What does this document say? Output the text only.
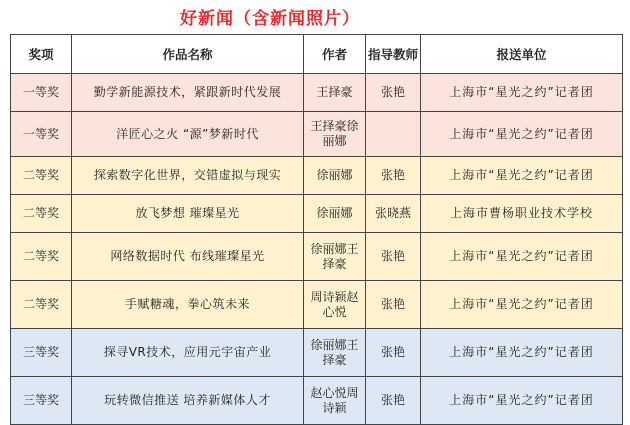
好新闻（含新闻照片）
奖项	作品名称	作者	指导教师	报送单位
一等奖	勤学新能源技术，紧跟新时代发展	王择豪	张艳	上海市“星光之约”记者团
一等奖	洋匠心之火 “源”梦新时代	王择豪徐丽娜		上海市“星光之约”记者团
二等奖	探索数字化世界，交错虚拟与现实	徐丽娜	张艳	上海市“星光之约”记者团
二等奖	放飞梦想 璀璨星光	徐丽娜	张晓燕	上海市曹杨职业技术学校
二等奖	网络数据时代 布线璀璨星光	徐丽娜王择豪	张艳	上海市“星光之约”记者团
二等奖	手赋糖魂，拳心筑未来	周诗颖赵心悦	张艳	上海市“星光之约”记者团
三等奖	探寻VR技术，应用元宇宙产业	徐丽娜王择豪	张艳	上海市“星光之约”记者团
三等奖	玩转微信推送 培养新媒体人才	赵心悦周诗颖	张艳	上海市“星光之约”记者团
